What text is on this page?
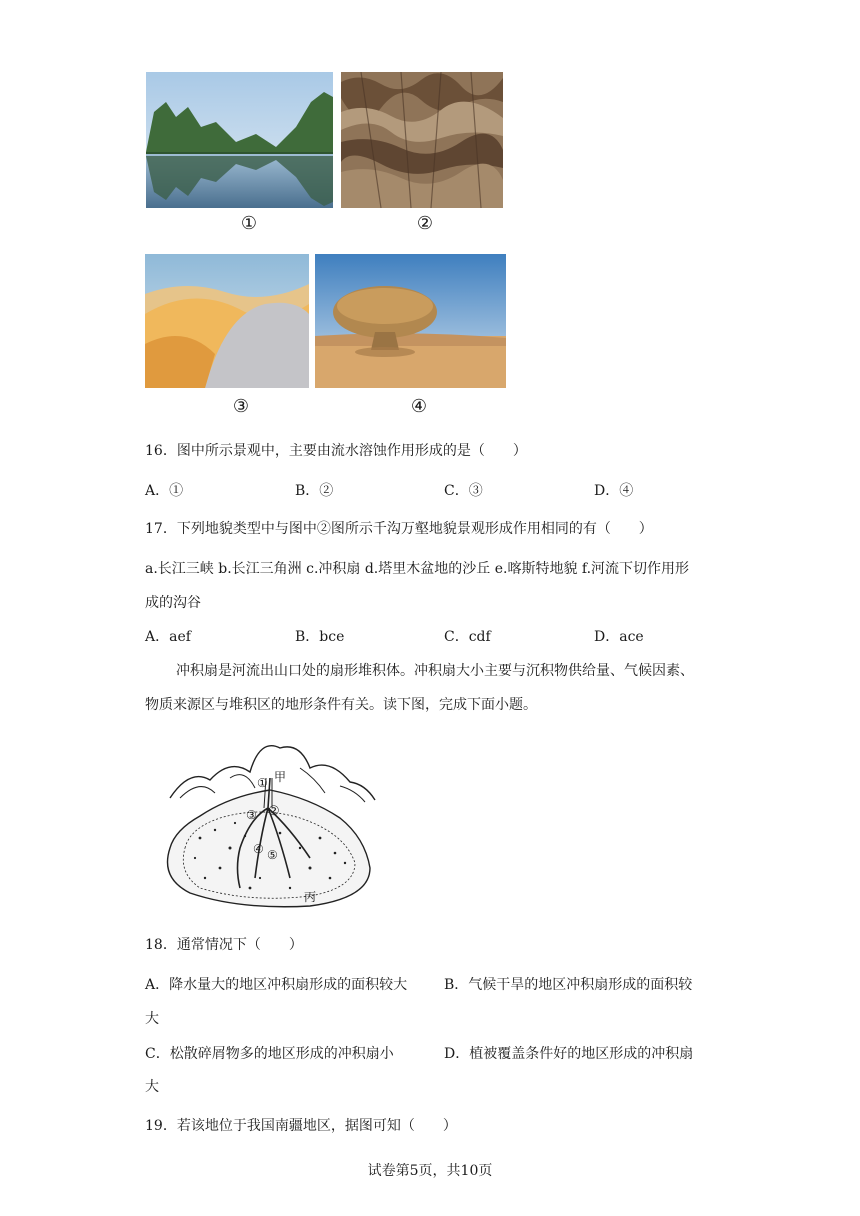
①	②
③	④
16．图中所示景观中，主要由流水溶蚀作用形成的是（　　）
A．①	B．②	C．③	D．④
17．下列地貌类型中与图中②图所示千沟万壑地貌景观形成作用相同的有（　　）
a.长江三峡 b.长江三角洲 c.冲积扇 d.塔里木盆地的沙丘 e.喀斯特地貌 f.河流下切作用形
成的沟谷
A．aef	B．bce	C．cdf	D．ace
冲积扇是河流出山口处的扇形堆积体。冲积扇大小主要与沉积物供给量、气候因素、
物质来源区与堆积区的地形条件有关。读下图，完成下面小题。
甲
①
②
③
④ ⑤
丙
18．通常情况下（　　）
A．降水量大的地区冲积扇形成的面积较大	B．气候干旱的地区冲积扇形成的面积较
大
C．松散碎屑物多的地区形成的冲积扇小	D．植被覆盖条件好的地区形成的冲积扇
大
19．若该地位于我国南疆地区，据图可知（　　）
试卷第5页，共10页
